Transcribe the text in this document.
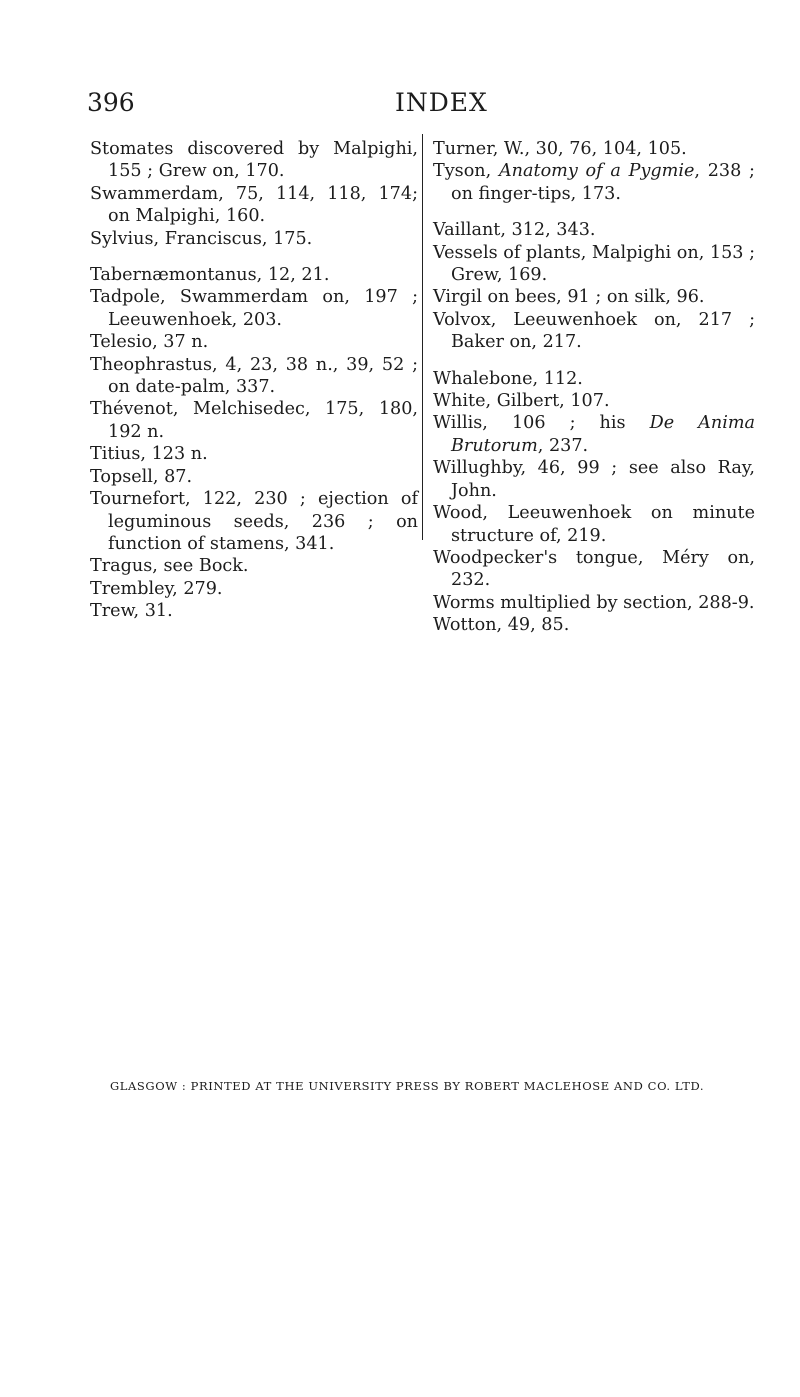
396	INDEX
Stomates discovered by Malpighi, 155 ; Grew on, 170.
Swammerdam, 75, 114, 118, 174; on Malpighi, 160.
Sylvius, Franciscus, 175.
Tabernæmontanus, 12, 21.
Tadpole, Swammerdam on, 197 ; Leeuwenhoek, 203.
Telesio, 37 n.
Theophrastus, 4, 23, 38 n., 39, 52 ; on date-palm, 337.
Thévenot, Melchisedec, 175, 180, 192 n.
Titius, 123 n.
Topsell, 87.
Tournefort, 122, 230 ; ejection of leguminous seeds, 236 ; on function of stamens, 341.
Tragus, see Bock.
Trembley, 279.
Trew, 31.
Turner, W., 30, 76, 104, 105.
Tyson, Anatomy of a Pygmie, 238 ; on finger-tips, 173.
Vaillant, 312, 343.
Vessels of plants, Malpighi on, 153 ; Grew, 169.
Virgil on bees, 91 ; on silk, 96.
Volvox, Leeuwenhoek on, 217 ; Baker on, 217.
Whalebone, 112.
White, Gilbert, 107.
Willis, 106 ; his De Anima Brutorum, 237.
Willughby, 46, 99 ; see also Ray, John.
Wood, Leeuwenhoek on minute structure of, 219.
Woodpecker's tongue, Méry on, 232.
Worms multiplied by section, 288-9.
Wotton, 49, 85.
GLASGOW : PRINTED AT THE UNIVERSITY PRESS BY ROBERT MACLEHOSE AND CO. LTD.
